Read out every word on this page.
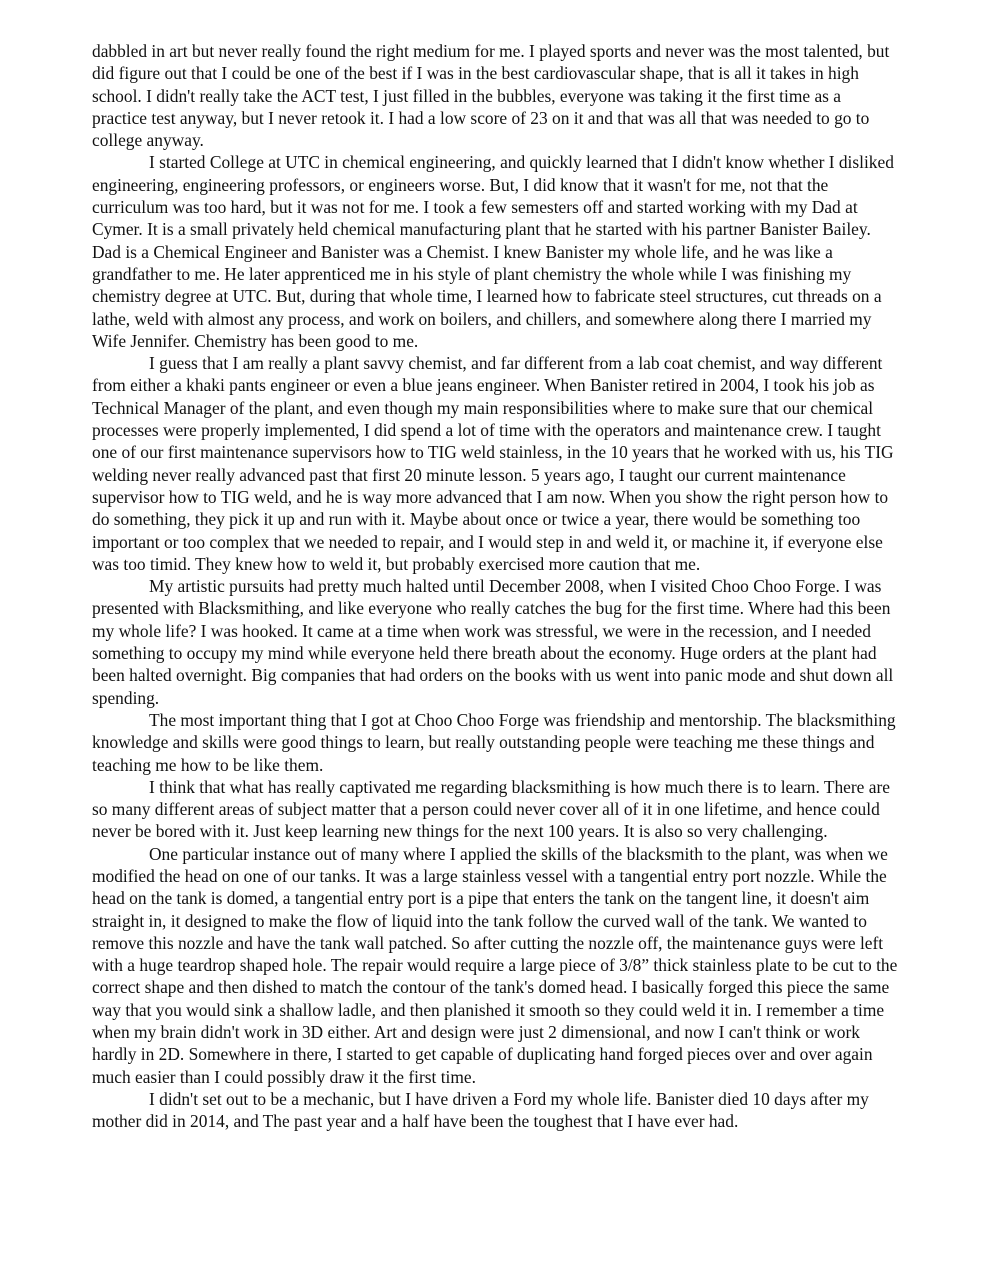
dabbled in art but never really found the right medium for me. I played sports and never was the most talented, but did figure out that I could be one of the best if I was in the best cardiovascular shape, that is all it takes in high school. I didn't really take the ACT test, I just filled in the bubbles, everyone was taking it the first time as a practice test anyway, but I never retook it. I had a low score of 23 on it and that was all that was needed to go to college anyway.

I started College at UTC in chemical engineering, and quickly learned that I didn't know whether I disliked engineering, engineering professors, or engineers worse. But, I did know that it wasn't for me, not that the curriculum was too hard, but it was not for me. I took a few semesters off and started working with my Dad at Cymer. It is a small privately held chemical manufacturing plant that he started with his partner Banister Bailey. Dad is a Chemical Engineer and Banister was a Chemist. I knew Banister my whole life, and he was like a grandfather to me. He later apprenticed me in his style of plant chemistry the whole while I was finishing my chemistry degree at UTC. But, during that whole time, I learned how to fabricate steel structures, cut threads on a lathe, weld with almost any process, and work on boilers, and chillers, and somewhere along there I married my Wife Jennifer. Chemistry has been good to me.

I guess that I am really a plant savvy chemist, and far different from a lab coat chemist, and way different from either a khaki pants engineer or even a blue jeans engineer. When Banister retired in 2004, I took his job as Technical Manager of the plant, and even though my main responsibilities where to make sure that our chemical processes were properly implemented, I did spend a lot of time with the operators and maintenance crew. I taught one of our first maintenance supervisors how to TIG weld stainless, in the 10 years that he worked with us, his TIG welding never really advanced past that first 20 minute lesson. 5 years ago, I taught our current maintenance supervisor how to TIG weld, and he is way more advanced that I am now. When you show the right person how to do something, they pick it up and run with it. Maybe about once or twice a year, there would be something too important or too complex that we needed to repair, and I would step in and weld it, or machine it, if everyone else was too timid. They knew how to weld it, but probably exercised more caution that me.

My artistic pursuits had pretty much halted until December 2008, when I visited Choo Choo Forge. I was presented with Blacksmithing, and like everyone who really catches the bug for the first time. Where had this been my whole life? I was hooked. It came at a time when work was stressful, we were in the recession, and I needed something to occupy my mind while everyone held there breath about the economy. Huge orders at the plant had been halted overnight. Big companies that had orders on the books with us went into panic mode and shut down all spending.

The most important thing that I got at Choo Choo Forge was friendship and mentorship. The blacksmithing knowledge and skills were good things to learn, but really outstanding people were teaching me these things and teaching me how to be like them.

I think that what has really captivated me regarding blacksmithing is how much there is to learn. There are so many different areas of subject matter that a person could never cover all of it in one lifetime, and hence could never be bored with it. Just keep learning new things for the next 100 years. It is also so very challenging.

One particular instance out of many where I applied the skills of the blacksmith to the plant, was when we modified the head on one of our tanks. It was a large stainless vessel with a tangential entry port nozzle. While the head on the tank is domed, a tangential entry port is a pipe that enters the tank on the tangent line, it doesn't aim straight in, it designed to make the flow of liquid into the tank follow the curved wall of the tank. We wanted to remove this nozzle and have the tank wall patched. So after cutting the nozzle off, the maintenance guys were left with a huge teardrop shaped hole. The repair would require a large piece of 3/8” thick stainless plate to be cut to the correct shape and then dished to match the contour of the tank's domed head. I basically forged this piece the same way that you would sink a shallow ladle, and then planished it smooth so they could weld it in. I remember a time when my brain didn't work in 3D either. Art and design were just 2 dimensional, and now I can't think or work hardly in 2D. Somewhere in there, I started to get capable of duplicating hand forged pieces over and over again much easier than I could possibly draw it the first time.

I didn't set out to be a mechanic, but I have driven a Ford my whole life. Banister died 10 days after my mother did in 2014, and The past year and a half have been the toughest that I have ever had.
